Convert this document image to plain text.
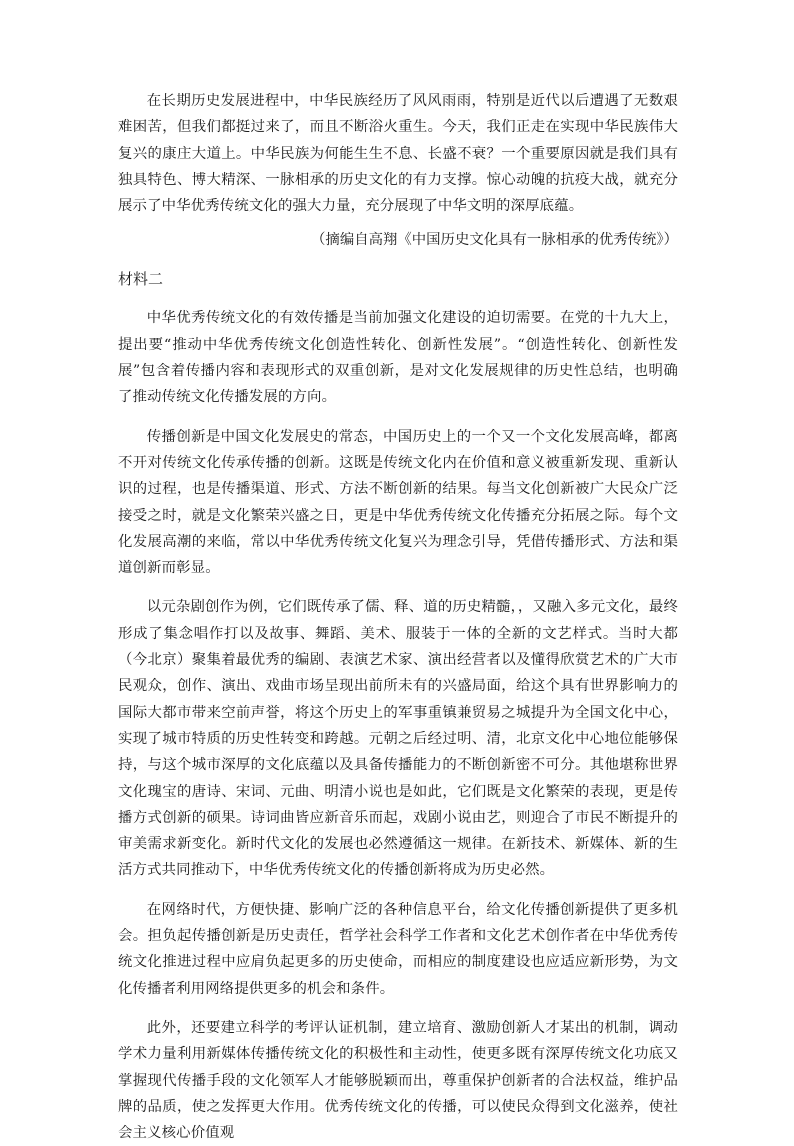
在长期历史发展进程中，中华民族经历了风风雨雨，特别是近代以后遭遇了无数艰难困苦，但我们都挺过来了，而且不断浴火重生。今天，我们正走在实现中华民族伟大复兴的康庄大道上。中华民族为何能生生不息、长盛不衰？一个重要原因就是我们具有独具特色、博大精深、一脉相承的历史文化的有力支撑。惊心动魄的抗疫大战，就充分展示了中华优秀传统文化的强大力量，充分展现了中华文明的深厚底蕴。

（摘编自高翔《中国历史文化具有一脉相承的优秀传统》）

材料二

中华优秀传统文化的有效传播是当前加强文化建设的迫切需要。在党的十九大上，提出要“推动中华优秀传统文化创造性转化、创新性发展”。“创造性转化、创新性发展”包含着传播内容和表现形式的双重创新，是对文化发展规律的历史性总结，也明确了推动传统文化传播发展的方向。

传播创新是中国文化发展史的常态，中国历史上的一个又一个文化发展高峰，都离不开对传统文化传承传播的创新。这既是传统文化内在价值和意义被重新发现、重新认识的过程，也是传播渠道、形式、方法不断创新的结果。每当文化创新被广大民众广泛接受之时，就是文化繁荣兴盛之日，更是中华优秀传统文化传播充分拓展之际。每个文化发展高潮的来临，常以中华优秀传统文化复兴为理念引导，凭借传播形式、方法和渠道创新而彰显。

以元杂剧创作为例，它们既传承了儒、释、道的历史精髓，，又融入多元文化，最终形成了集念唱作打以及故事、舞蹈、美术、服装于一体的全新的文艺样式。当时大都（今北京）聚集着最优秀的编剧、表演艺术家、演出经营者以及懂得欣赏艺术的广大市民观众，创作、演出、戏曲市场呈现出前所未有的兴盛局面，给这个具有世界影响力的国际大都市带来空前声誉，将这个历史上的军事重镇兼贸易之城提升为全国文化中心，实现了城市特质的历史性转变和跨越。元朝之后经过明、清，北京文化中心地位能够保持，与这个城市深厚的文化底蕴以及具备传播能力的不断创新密不可分。其他堪称世界文化瑰宝的唐诗、宋词、元曲、明清小说也是如此，它们既是文化繁荣的表现，更是传播方式创新的硕果。诗词曲皆应新音乐而起，戏剧小说由艺，则迎合了市民不断提升的审美需求新变化。新时代文化的发展也必然遵循这一规律。在新技术、新媒体、新的生活方式共同推动下，中华优秀传统文化的传播创新将成为历史必然。

在网络时代，方便快捷、影响广泛的各种信息平台，给文化传播创新提供了更多机会。担负起传播创新是历史责任，哲学社会科学工作者和文化艺术创作者在中华优秀传统文化推进过程中应肩负起更多的历史使命，而相应的制度建设也应适应新形势，为文化传播者利用网络提供更多的机会和条件。

此外，还要建立科学的考评认证机制，建立培育、激励创新人才某出的机制，调动学术力量利用新媒体传播传统文化的积极性和主动性，使更多既有深厚传统文化功底又掌握现代传播手段的文化领军人才能够脱颖而出，尊重保护创新者的合法权益，维护品牌的品质，使之发挥更大作用。优秀传统文化的传播，可以使民众得到文化滋养，使社会主义核心价值观
